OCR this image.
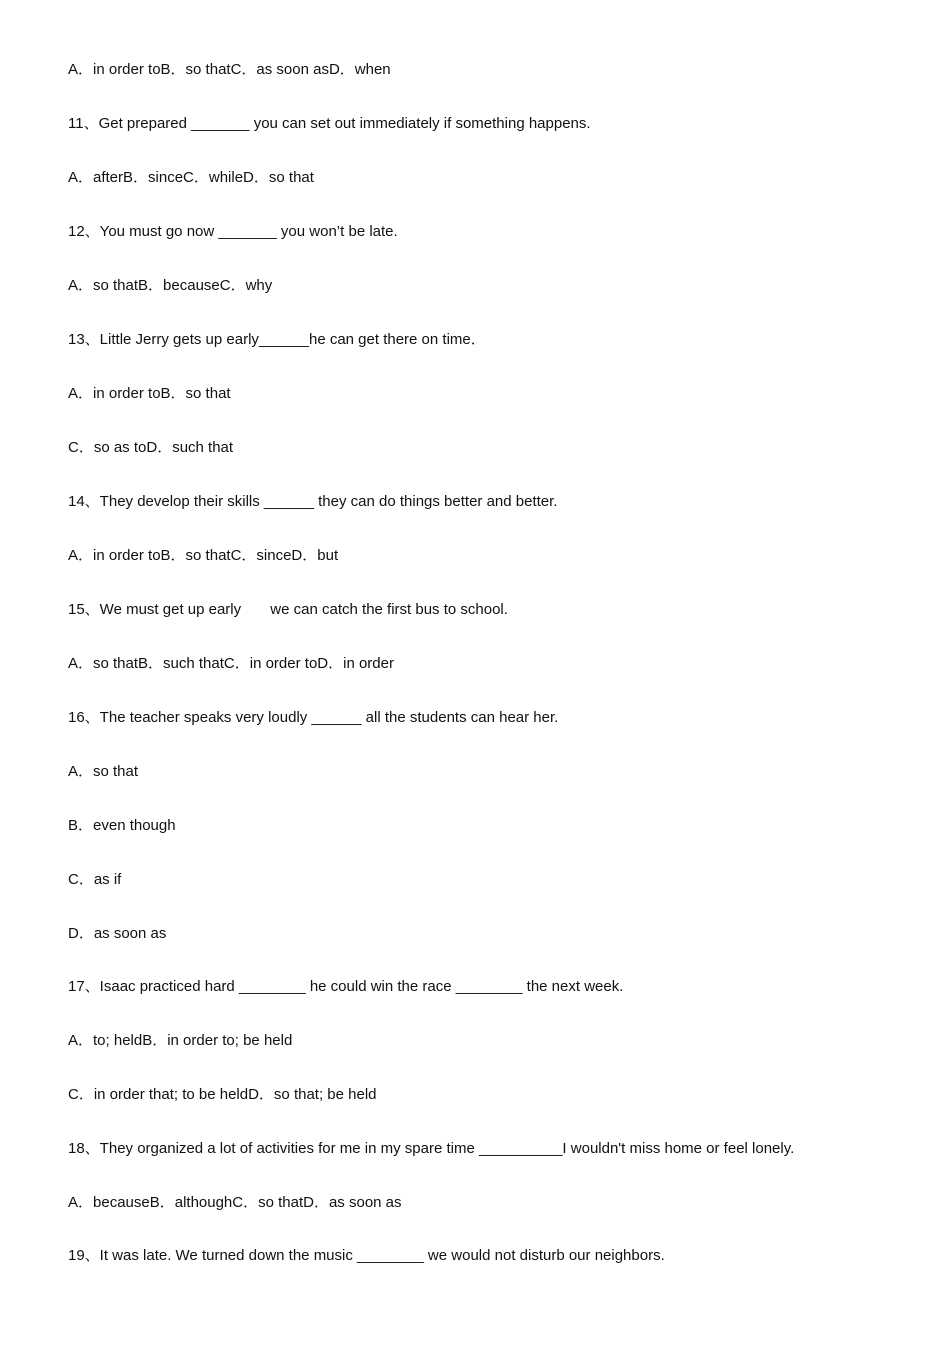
A．in order toB．so thatC．as soon asD．when
11、Get prepared _______ you can set out immediately if something happens.
A．afterB．sinceC．whileD．so that
12、You must go now _______ you won’t be late.
A．so thatB．becauseC．why
13、Little Jerry gets up early______he can get there on time．
A．in order toB．so that
C．so as toD．such that
14、They develop their skills ______ they can do things better and better.
A．in order toB．so thatC．sinceD．but
15、We must get up early       we can catch the first bus to school.
A．so thatB．such thatC．in order toD．in order
16、The teacher speaks very loudly ______ all the students can hear her.
A．so that
B．even though
C．as if
D．as soon as
17、Isaac practiced hard ________ he could win the race ________ the next week.
A．to; heldB．in order to; be held
C．in order that; to be heldD．so that; be held
18、They organized a lot of activities for me in my spare time __________I wouldn't miss home or feel lonely.
A．becauseB．althoughC．so thatD．as soon as
19、It was late. We turned down the music ________ we would not disturb our neighbors.
